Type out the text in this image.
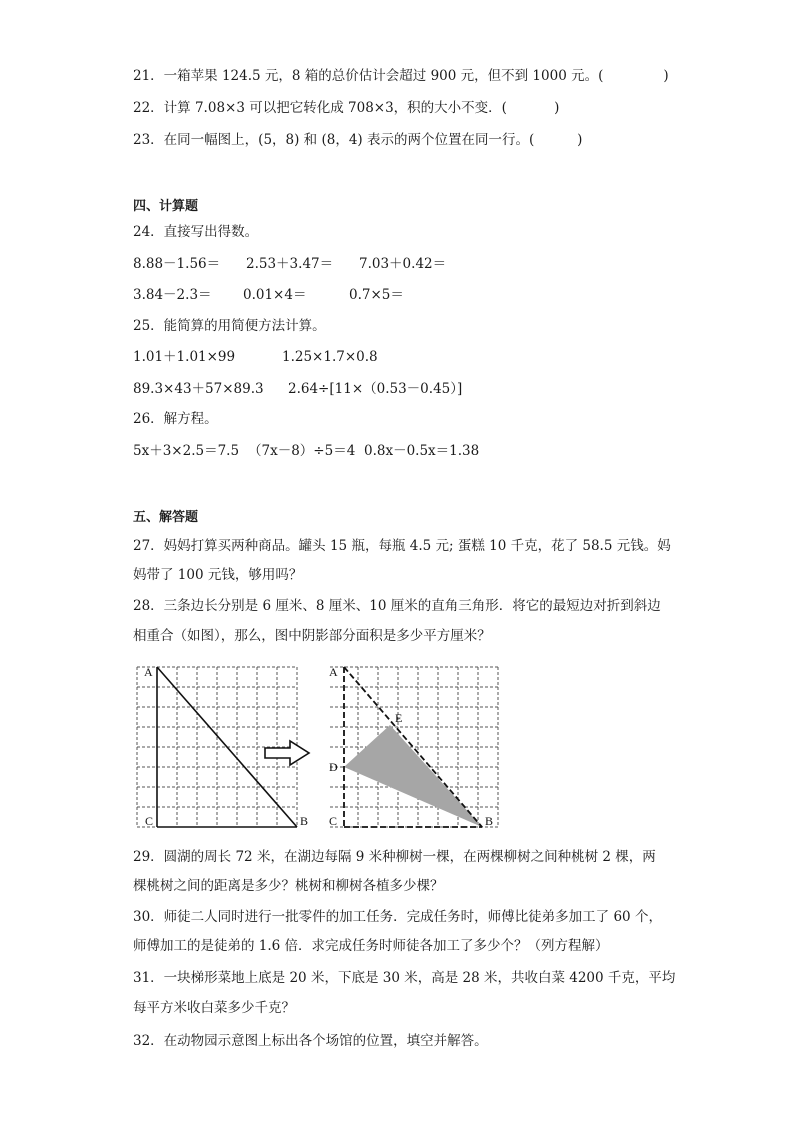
21．一箱苹果 124.5 元，8 箱的总价估计会超过 900 元，但不到 1000 元。(              )
22．计算 7.08×3 可以把它转化成 708×3，积的大小不变．(           )
23．在同一幅图上，(5，8) 和 (8，4) 表示的两个位置在同一行。(          )
四、计算题
24．直接写出得数。

8.88－1.56＝

2.53＋3.47＝

7.03＋0.42＝

3.84－2.3＝

0.01×4＝

	0.7×5＝

25．能简算的用简便方法计算。

1.01＋1.01×99

	1.25×1.7×0.8

89.3×43＋57×89.3

2.64÷[11×（0.53－0.45）]

26．解方程。

5x＋3×2.5＝7.5

（7x－8）÷5＝4

0.8x－0.5x＝1.38

五、解答题
27．妈妈打算买两种商品。罐头 15 瓶，每瓶 4.5 元; 蛋糕 10 千克，花了 58.5 元钱。妈
妈带了 100 元钱，够用吗？
28．三条边长分别是 6 厘米、8 厘米、10 厘米的直角三角形．将它的最短边对折到斜边
相重合（如图），那么，图中阴影部分面积是多少平方厘米？
A
C	B
A
E
D
C	B
29．圆湖的周长 72 米，在湖边每隔 9 米种柳树一棵，在两棵柳树之间种桃树 2 棵，两
棵桃树之间的距离是多少？桃树和柳树各植多少棵？
30．师徒二人同时进行一批零件的加工任务．完成任务时，师傅比徒弟多加工了 60 个，
师傅加工的是徒弟的 1.6 倍．求完成任务时师徒各加工了多少个？（列方程解）
31．一块梯形菜地上底是 20 米，下底是 30 米，高是 28 米，共收白菜 4200 千克，平均
每平方米收白菜多少千克？
32．在动物园示意图上标出各个场馆的位置，填空并解答。
